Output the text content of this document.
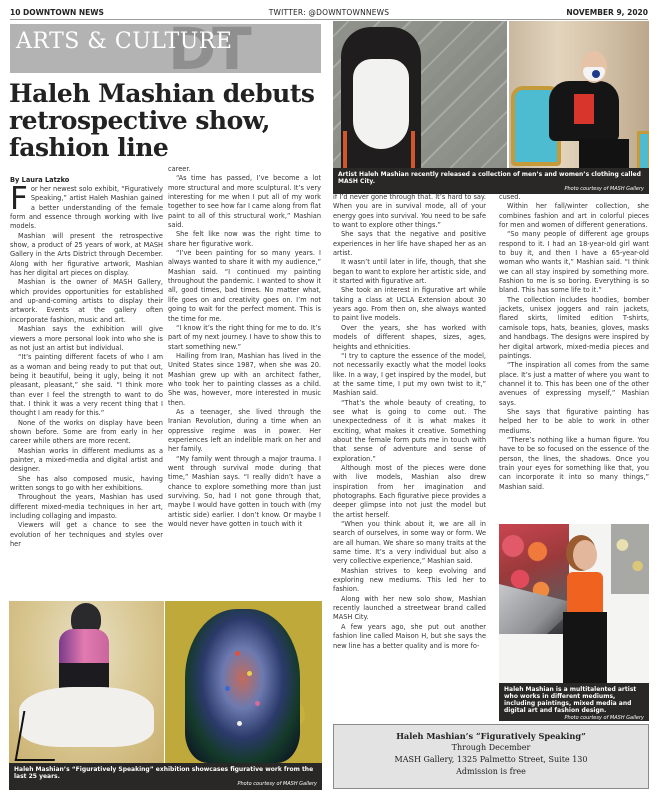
10 DOWNTOWN NEWS	TWITTER: @DOWNTOWNNEWS	NOVEMBER 9, 2020
DT
ARTS & CULTURE
Haleh Mashian debuts retrospective show, fashion line
By Laura Latzko

For her newest solo exhibit, “Figuratively Speaking,” artist Haleh Mashian gained a better understanding of the female form and essence through working with live models.

Mashian will present the retrospective show, a product of 25 years of work, at MASH Gallery in the Arts District through December. Along with her figurative artwork, Mashian has her digital art pieces on display.

Mashian is the owner of MASH Gallery, which provides opportunities for established and up-and-coming artists to display their artwork. Events at the gallery often incorporate fashion, music and art.

Mashian says the exhibition will give viewers a more personal look into who she is as not just an artist but individual.

“It’s painting different facets of who I am as a woman and being ready to put that out, being it beautiful, being it ugly, being it not pleasant, pleasant,” she said. “I think more than ever I feel the strength to want to do that. I think it was a very recent thing that I thought I am ready for this.”

None of the works on display have been shown before. Some are from early in her career while others are more recent.

Mashian works in different mediums as a painter, a mixed-media and digital artist and designer.

She has also composed music, having written songs to go with her exhibitions.

Throughout the years, Mashian has used different mixed-media techniques in her art, including collaging and impasto.

Viewers will get a chance to see the evolution of her techniques and styles over her

career.

“As time has passed, I’ve become a lot more structural and more sculptural. It’s very interesting for me when I put all of my work together to see how far I came along from flat paint to all of this structural work,” Mashian said.

She felt like now was the right time to share her figurative work.

“I’ve been painting for so many years. I always wanted to share it with my audience,” Mashian said. “I continued my painting throughout the pandemic. I wanted to show it all, good times, bad times. No matter what, life goes on and creativity goes on. I’m not going to wait for the perfect moment. This is the time for me.

“I know it’s the right thing for me to do. It’s part of my next journey. I have to show this to start something new.”

Hailing from Iran, Mashian has lived in the United States since 1987, when she was 20. Mashian grew up with an architect father, who took her to painting classes as a child. She was, however, more interested in music then.

As a teenager, she lived through the Iranian Revolution, during a time when an oppressive regime was in power. Her experiences left an indelible mark on her and her family.

“My family went through a major trauma. I went through survival mode during that time,” Mashian says. “I really didn’t have a chance to explore something more than just surviving. So, had I not gone through that, maybe I would have gotten in touch with (my artistic side) earlier. I don’t know. Or maybe I would never have gotten in touch with it

Artist Haleh Mashian recently released a collection of men’s and women’s clothing called MASH City.
Photo courtesy of MASH Gallery

if I’d never gone through that. It’s hard to say. When you are in survival mode, all of your energy goes into survival. You need to be safe to want to explore other things.”

She says that the negative and positive experiences in her life have shaped her as an artist.

It wasn’t until later in life, though, that she began to want to explore her artistic side, and it started with figurative art.

She took an interest in figurative art while taking a class at UCLA Extension about 30 years ago. From then on, she always wanted to paint live models.

Over the years, she has worked with models of different shapes, sizes, ages, heights and ethnicities.

“I try to capture the essence of the model, not necessarily exactly what the model looks like. In a way, I get inspired by the model, but at the same time, I put my own twist to it,” Mashian said.

“That’s the whole beauty of creating, to see what is going to come out. The unexpectedness of it is what makes it exciting, what makes it creative. Something about the female form puts me in touch with that sense of adventure and sense of exploration.”

Although most of the pieces were done with live models, Mashian also drew inspiration from her imagination and photographs. Each figurative piece provides a deeper glimpse into not just the model but the artist herself.

“When you think about it, we are all in search of ourselves, in some way or form. We are all human. We share so many traits at the same time. It’s a very individual but also a very collective experience,” Mashian said.

Mashian strives to keep evolving and exploring new mediums. This led her to fashion.

Along with her new solo show, Mashian recently launched a streetwear brand called MASH City.

A few years ago, she put out another fashion line called Maison H, but she says the new line has a better quality and is more fo-

cused.

Within her fall/winter collection, she combines fashion and art in colorful pieces for men and women of different generations.

“So many people of different age groups respond to it. I had an 18-year-old girl want to buy it, and then I have a 65-year-old woman who wants it,” Mashian said. “I think we can all stay inspired by something more. Fashion to me is so boring. Everything is so bland. This has some life to it.”

The collection includes hoodies, bomber jackets, unisex joggers and rain jackets, flared skirts, limited edition T-shirts, camisole tops, hats, beanies, gloves, masks and handbags. The designs were inspired by her digital artwork, mixed-media pieces and paintings.

“The inspiration all comes from the same place. It’s just a matter of where you want to channel it to. This has been one of the other avenues of expressing myself,” Mashian says.

She says that figurative painting has helped her to be able to work in other mediums.

“There’s nothing like a human figure. You have to be so focused on the essence of the person, the lines, the shadows. Once you train your eyes for something like that, you can incorporate it into so many things,” Mashian said.

Haleh Mashian is a multitalented artist who works in different mediums, including paintings, mixed media and digital art and fashion design.
Photo courtesy of MASH Gallery
Haleh Mashian’s “Figuratively Speaking” exhibition showcases figurative work from the last 25 years.
Photo courtesy of MASH Gallery
Haleh Mashian’s “Figuratively Speaking”
Through December
MASH Gallery, 1325 Palmetto Street, Suite 130
Admission is free
